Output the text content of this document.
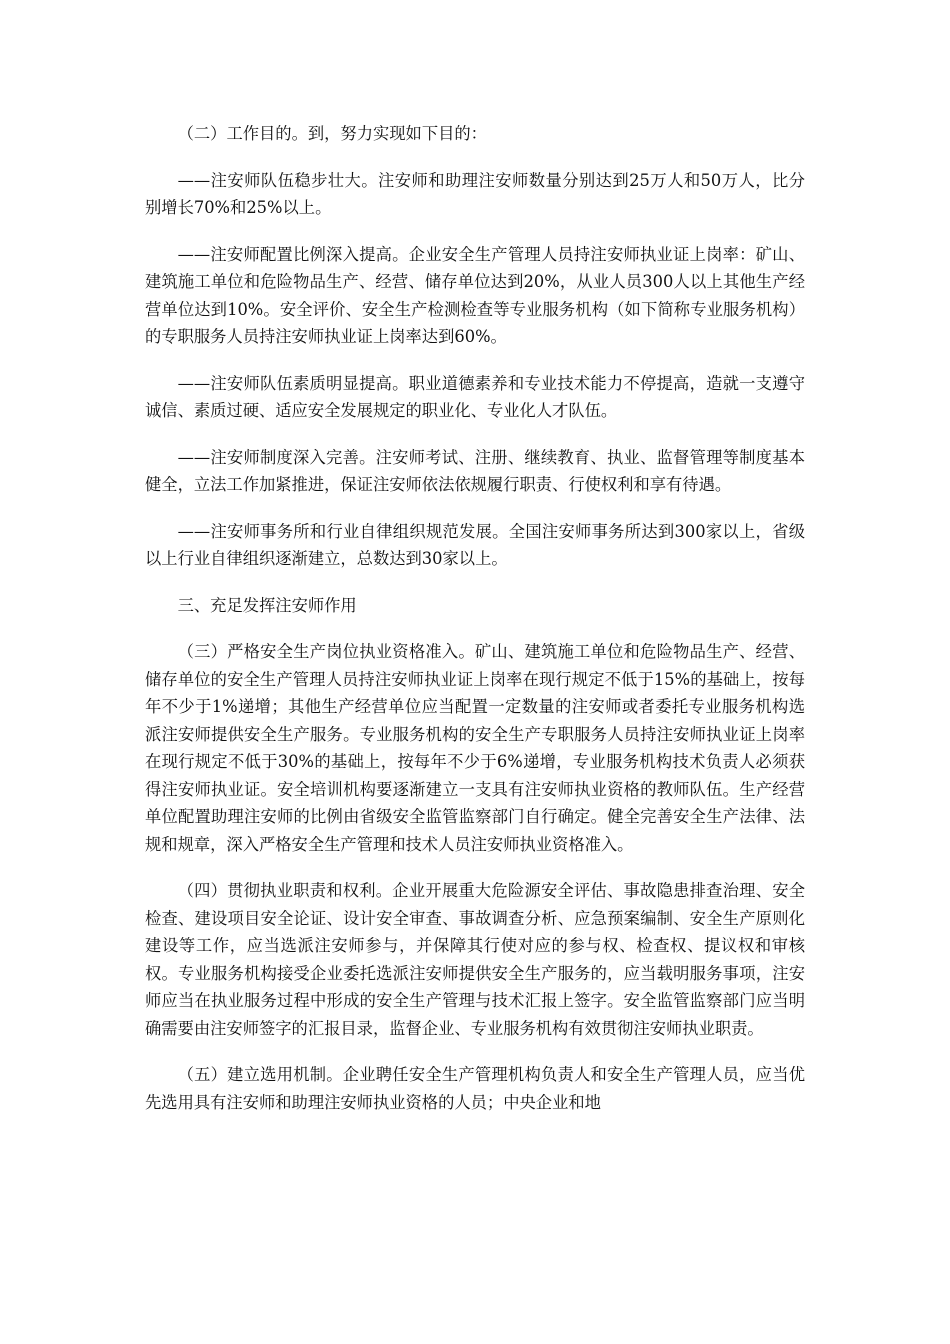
（二）工作目的。到，努力实现如下目的：

——注安师队伍稳步壮大。注安师和助理注安师数量分别达到25万人和50万人，比分别增长70%和25%以上。

——注安师配置比例深入提高。企业安全生产管理人员持注安师执业证上岗率：矿山、建筑施工单位和危险物品生产、经营、储存单位达到20%，从业人员300人以上其他生产经营单位达到10%。安全评价、安全生产检测检查等专业服务机构（如下简称专业服务机构）的专职服务人员持注安师执业证上岗率达到60%。

——注安师队伍素质明显提高。职业道德素养和专业技术能力不停提高，造就一支遵守诚信、素质过硬、适应安全发展规定的职业化、专业化人才队伍。

——注安师制度深入完善。注安师考试、注册、继续教育、执业、监督管理等制度基本健全，立法工作加紧推进，保证注安师依法依规履行职责、行使权利和享有待遇。

——注安师事务所和行业自律组织规范发展。全国注安师事务所达到300家以上，省级以上行业自律组织逐渐建立，总数达到30家以上。

三、充足发挥注安师作用

（三）严格安全生产岗位执业资格准入。矿山、建筑施工单位和危险物品生产、经营、储存单位的安全生产管理人员持注安师执业证上岗率在现行规定不低于15%的基础上，按每年不少于1%递增；其他生产经营单位应当配置一定数量的注安师或者委托专业服务机构选派注安师提供安全生产服务。专业服务机构的安全生产专职服务人员持注安师执业证上岗率在现行规定不低于30%的基础上，按每年不少于6%递增，专业服务机构技术负责人必须获得注安师执业证。安全培训机构要逐渐建立一支具有注安师执业资格的教师队伍。生产经营单位配置助理注安师的比例由省级安全监管监察部门自行确定。健全完善安全生产法律、法规和规章，深入严格安全生产管理和技术人员注安师执业资格准入。

（四）贯彻执业职责和权利。企业开展重大危险源安全评估、事故隐患排查治理、安全检查、建设项目安全论证、设计安全审查、事故调查分析、应急预案编制、安全生产原则化建设等工作，应当选派注安师参与，并保障其行使对应的参与权、检查权、提议权和审核权。专业服务机构接受企业委托选派注安师提供安全生产服务的，应当载明服务事项，注安师应当在执业服务过程中形成的安全生产管理与技术汇报上签字。安全监管监察部门应当明确需要由注安师签字的汇报目录，监督企业、专业服务机构有效贯彻注安师执业职责。

（五）建立选用机制。企业聘任安全生产管理机构负责人和安全生产管理人员，应当优先选用具有注安师和助理注安师执业资格的人员；中央企业和地
